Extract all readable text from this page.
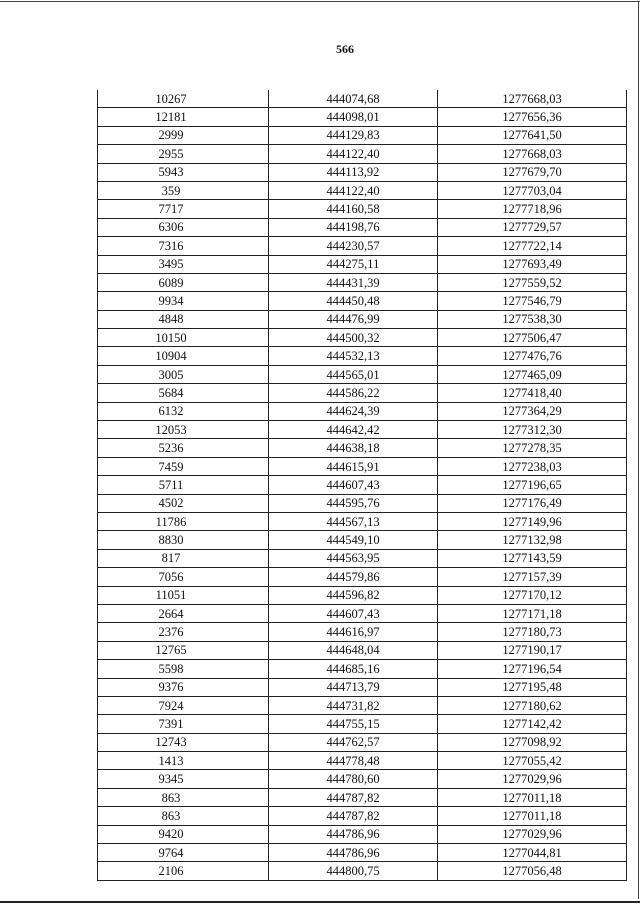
566
10267	444074,68	1277668,03
12181	444098,01	1277656,36
2999	444129,83	1277641,50
2955	444122,40	1277668,03
5943	444113,92	1277679,70
359	444122,40	1277703,04
7717	444160,58	1277718,96
6306	444198,76	1277729,57
7316	444230,57	1277722,14
3495	444275,11	1277693,49
6089	444431,39	1277559,52
9934	444450,48	1277546,79
4848	444476,99	1277538,30
10150	444500,32	1277506,47
10904	444532,13	1277476,76
3005	444565,01	1277465,09
5684	444586,22	1277418,40
6132	444624,39	1277364,29
12053	444642,42	1277312,30
5236	444638,18	1277278,35
7459	444615,91	1277238,03
5711	444607,43	1277196,65
4502	444595,76	1277176,49
11786	444567,13	1277149,96
8830	444549,10	1277132,98
817	444563,95	1277143,59
7056	444579,86	1277157,39
11051	444596,82	1277170,12
2664	444607,43	1277171,18
2376	444616,97	1277180,73
12765	444648,04	1277190,17
5598	444685,16	1277196,54
9376	444713,79	1277195,48
7924	444731,82	1277180,62
7391	444755,15	1277142,42
12743	444762,57	1277098,92
1413	444778,48	1277055,42
9345	444780,60	1277029,96
863	444787,82	1277011,18
863	444787,82	1277011,18
9420	444786,96	1277029,96
9764	444786,96	1277044,81
2106	444800,75	1277056,48
